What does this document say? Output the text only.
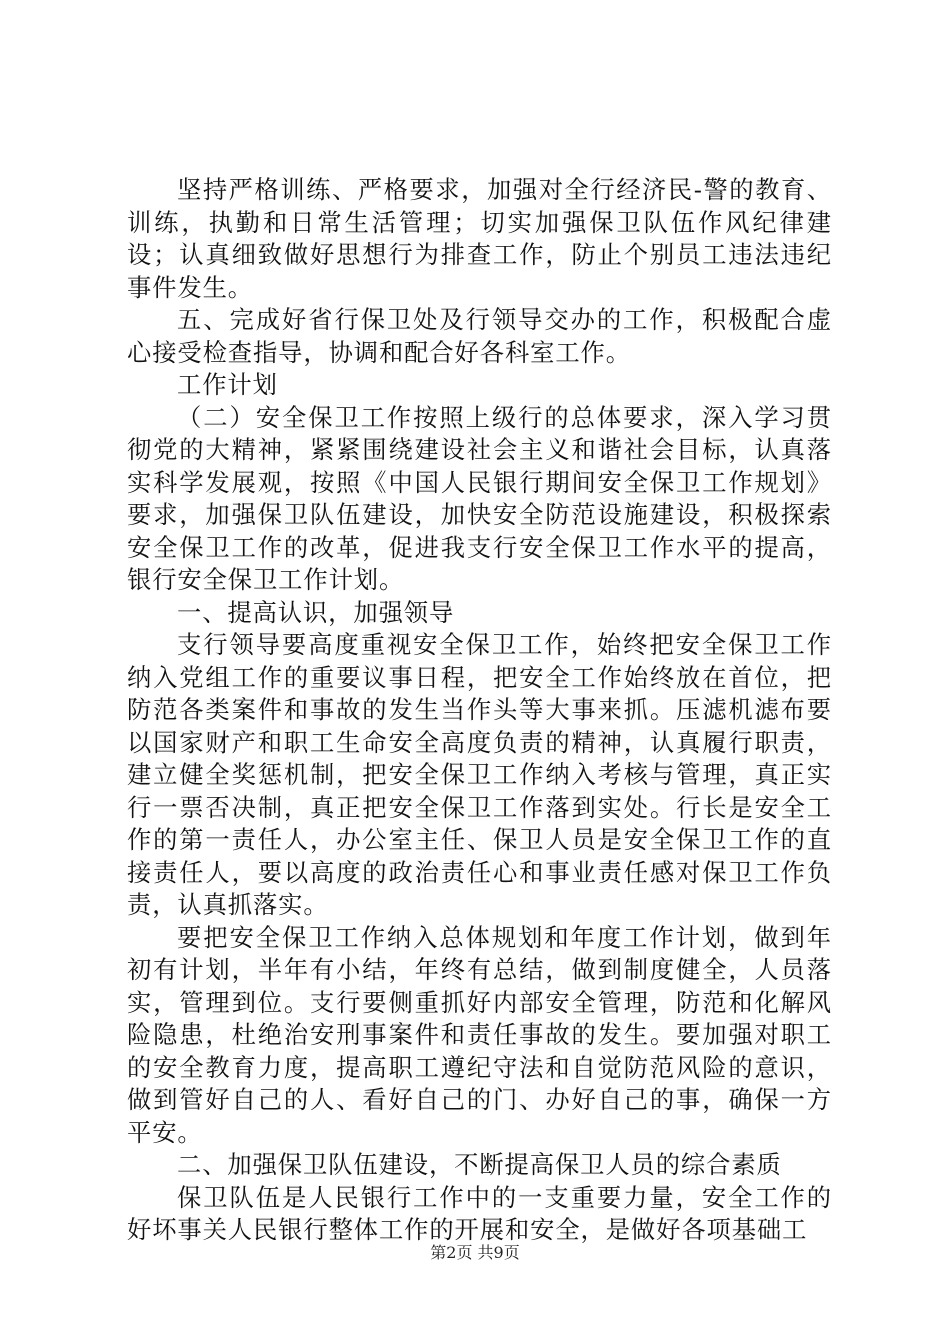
坚持严格训练、严格要求，加强对全行经济民-警的教育、训练，执勤和日常生活管理；切实加强保卫队伍作风纪律建设；认真细致做好思想行为排查工作，防止个别员工违法违纪事件发生。

五、完成好省行保卫处及行领导交办的工作，积极配合虚心接受检查指导，协调和配合好各科室工作。

工作计划

（二）安全保卫工作按照上级行的总体要求，深入学习贯彻党的大精神，紧紧围绕建设社会主义和谐社会目标，认真落实科学发展观，按照《中国人民银行期间安全保卫工作规划》要求，加强保卫队伍建设，加快安全防范设施建设，积极探索安全保卫工作的改革，促进我支行安全保卫工作水平的提高，银行安全保卫工作计划。

一、提高认识，加强领导

支行领导要高度重视安全保卫工作，始终把安全保卫工作纳入党组工作的重要议事日程，把安全工作始终放在首位，把防范各类案件和事故的发生当作头等大事来抓。压滤机滤布要以国家财产和职工生命安全高度负责的精神，认真履行职责，建立健全奖惩机制，把安全保卫工作纳入考核与管理，真正实行一票否决制，真正把安全保卫工作落到实处。行长是安全工作的第一责任人，办公室主任、保卫人员是安全保卫工作的直接责任人，要以高度的政治责任心和事业责任感对保卫工作负责，认真抓落实。

要把安全保卫工作纳入总体规划和年度工作计划，做到年初有计划，半年有小结，年终有总结，做到制度健全，人员落实，管理到位。支行要侧重抓好内部安全管理，防范和化解风险隐患，杜绝治安刑事案件和责任事故的发生。要加强对职工的安全教育力度，提高职工遵纪守法和自觉防范风险的意识，做到管好自己的人、看好自己的门、办好自己的事，确保一方平安。

二、加强保卫队伍建设，不断提高保卫人员的综合素质

保卫队伍是人民银行工作中的一支重要力量，安全工作的好坏事关人民银行整体工作的开展和安全，是做好各项基础工

第2页 共9页
